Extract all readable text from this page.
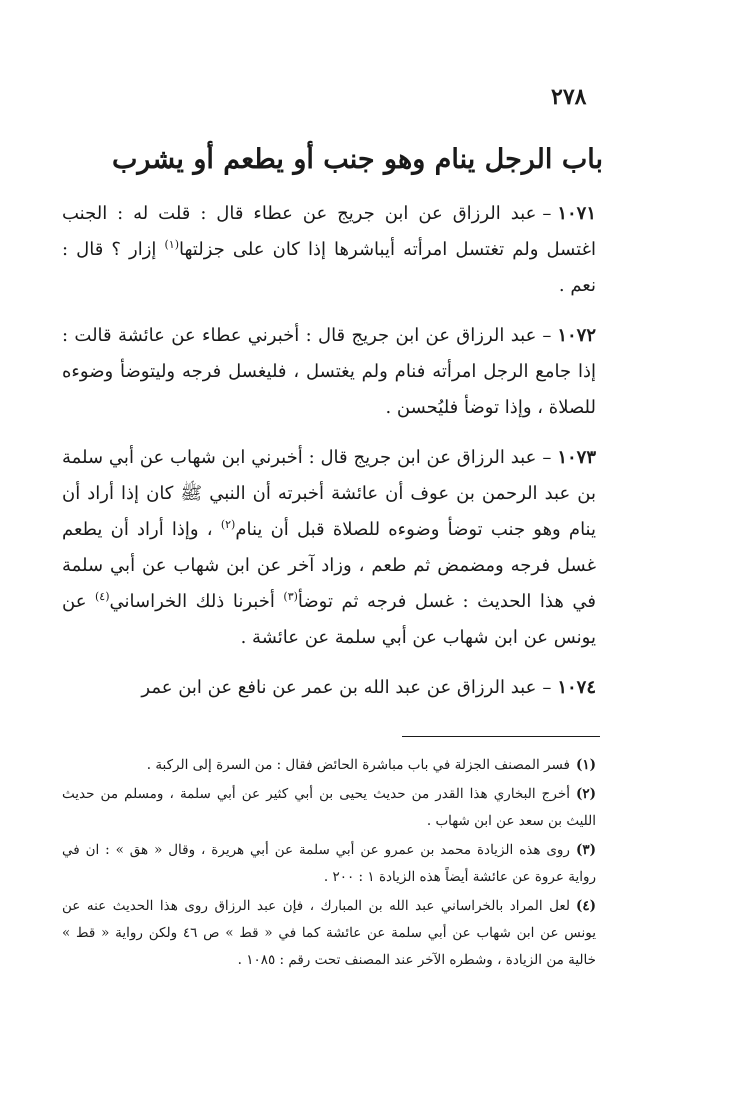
٢٧٨
باب الرجل ينام وهو جنب أو يطعم أو يشرب

١٠٧١–عبد الرزاق عن ابن جريج عن عطاء قال : قلت له : الجنب اغتسل ولم تغتسل امرأته أيباشرها إذا كان على جزلتها$^{(١)}$ إزار ؟ قال : نعم .

١٠٧٢–عبد الرزاق عن ابن جريج قال : أخبرني عطاء عن عائشة قالت : إذا جامع الرجل امرأته فنام ولم يغتسل ، فليغسل فرجه وليتوضأ وضوءه للصلاة ، وإذا توضأ فليُحسن .

١٠٧٣–عبد الرزاق عن ابن جريج قال : أخبرني ابن شهاب عن أبي سلمة بن عبد الرحمن بن عوف أن عائشة أخبرته أن النبي ﷺ كان إذا أراد أن ينام وهو جنب توضأ وضوءه للصلاة قبل أن ينام$^{(٢)}$ ، وإذا أراد أن يطعم غسل فرجه ومضمض ثم طعم ، وزاد آخر عن ابن شهاب عن أبي سلمة في هذا الحديث : غسل فرجه ثم توضأ$^{(٣)}$ أخبرنا ذلك الخراساني$^{(٤)}$ عن يونس عن ابن شهاب عن أبي سلمة عن عائشة .

١٠٧٤–عبد الرزاق عن عبد الله بن عمر عن نافع عن ابن عمر

(١)فسر المصنف الجزلة في باب مباشرة الحائض فقال : من السرة إلى الركبة .

(٢)أخرج البخاري هذا القدر من حديث يحيى بن أبي كثير عن أبي سلمة ، ومسلم من حديث الليث بن سعد عن ابن شهاب .

(٣)روى هذه الزيادة محمد بن عمرو عن أبي سلمة عن أبي هريرة ، وقال « هق » : ان في رواية عروة عن عائشة أيضاً هذه الزيادة ١ : ٢٠٠ .

(٤)لعل المراد بالخراساني عبد الله بن المبارك ، فإن عبد الرزاق روى هذا الحديث عنه عن يونس عن ابن شهاب عن أبي سلمة عن عائشة كما في « قط » ص ٤٦ ولكن رواية « قط » خالية من الزيادة ، وشطره الآخر عند المصنف تحت رقم : ١٠٨٥ .
